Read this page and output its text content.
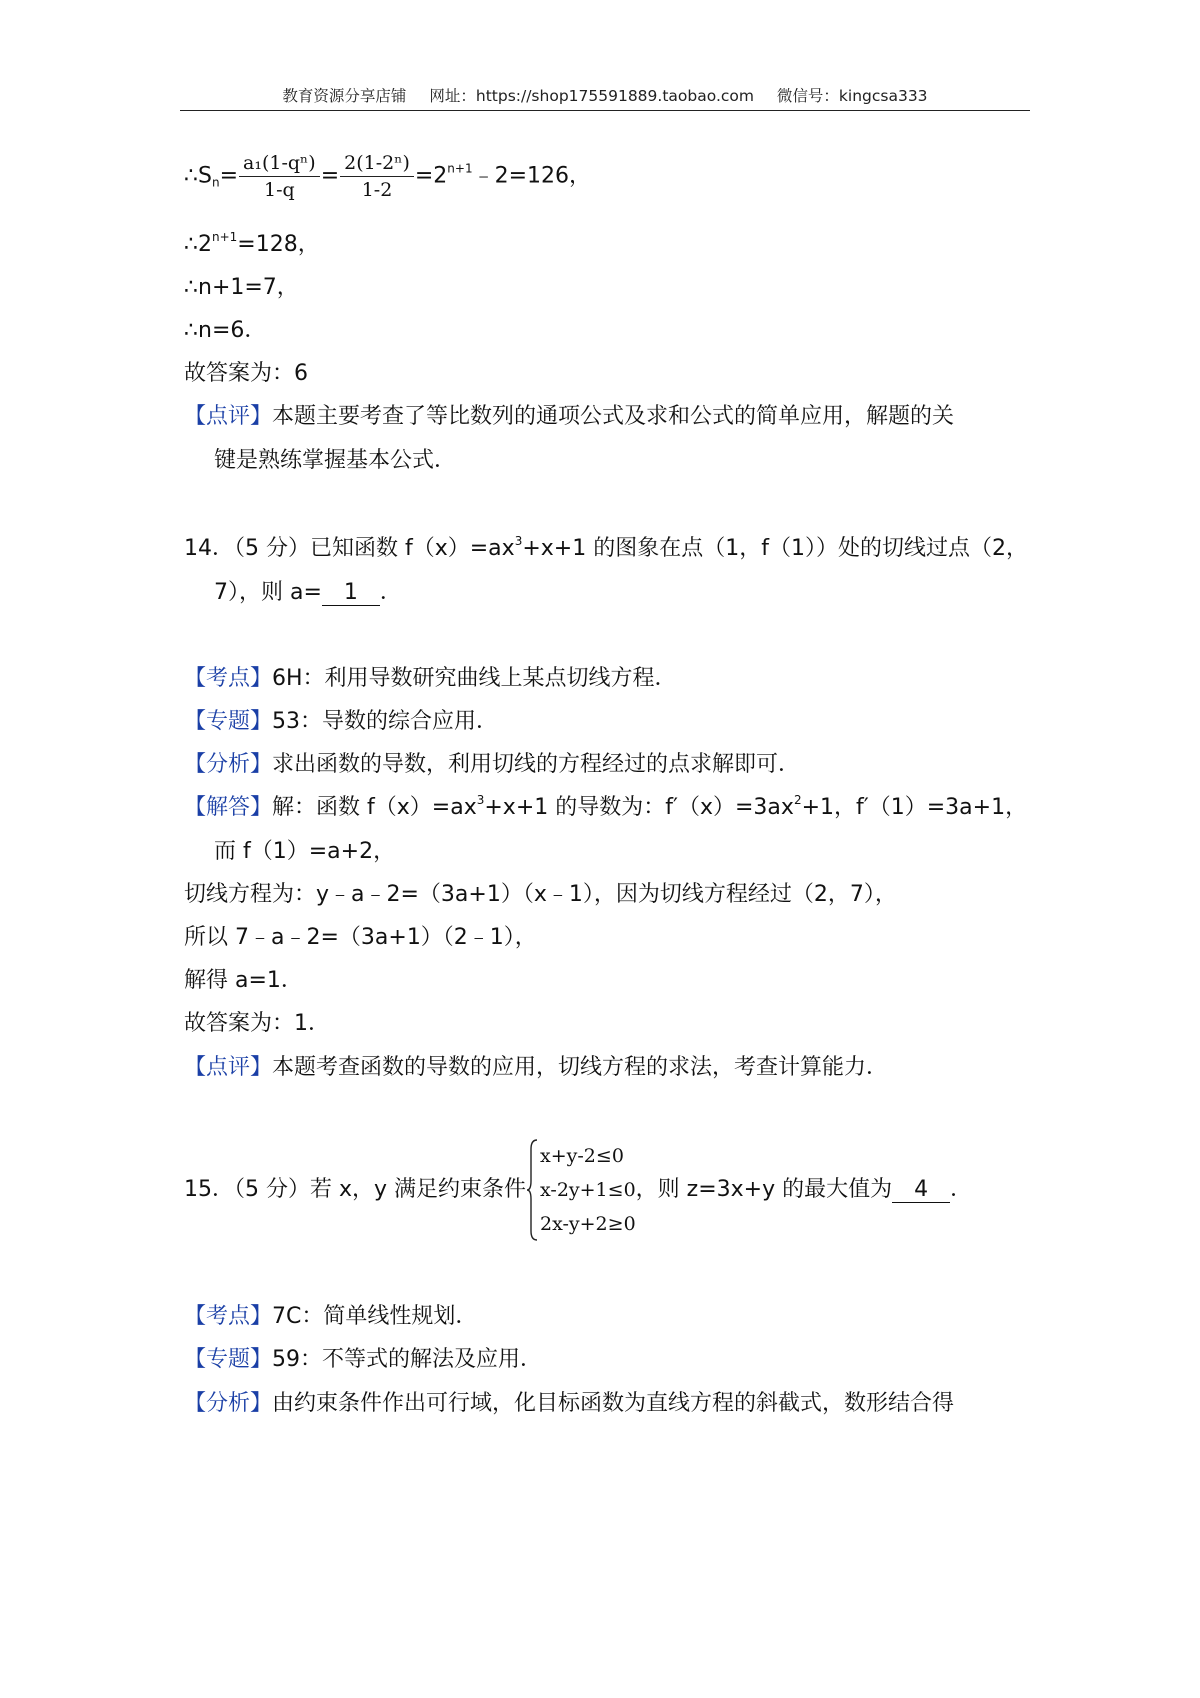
教育资源分享店铺 网址：https://shop175591889.taobao.com 微信号：kingcsa333
$\therefore S_n= \frac{\text{a₁(1-qⁿ)}}{1-q} = \frac{\text{2(1-2ⁿ)}}{1-2}$ $=2^{n+1}﹣2=126$，
$\therefore 2^{n+1}=128$，
∴n+1=7，
∴n=6．
故答案为：6
【点评】本题主要考查了等比数列的通项公式及求和公式的简单应用，解题的关
键是熟练掌握基本公式．
14．（5 分）已知函数 $f(x)=ax^3+x+1$ 的图象在点（1，f（1））处的切线过点（2，
7），则 a= 1 ．
【考点】6H：利用导数研究曲线上某点切线方程．
【专题】53：导数的综合应用．
【分析】求出函数的导数，利用切线的方程经过的点求解即可．
【解答】解：函数 $f(x)=ax^3+x+1$ 的导数为：$f'(x)=3ax^2+1$，f′（1）=3a+1，
而 f（1）=a+2，
切线方程为：y﹣a﹣2=（3a+1）（x﹣1），因为切线方程经过（2，7），
所以 7﹣a﹣2=（3a+1）（2﹣1），
解得 a=1．
故答案为：1．
【点评】本题考查函数的导数的应用，切线方程的求法，考查计算能力．
15．（5 分）若 x，y 满足约束条件
x+y-2≤0
x-2y+1≤0
2x-y+2≥0
，则 z=3x+y 的最大值为 4 ．
【考点】7C：简单线性规划．
【专题】59：不等式的解法及应用．
【分析】由约束条件作出可行域，化目标函数为直线方程的斜截式，数形结合得
